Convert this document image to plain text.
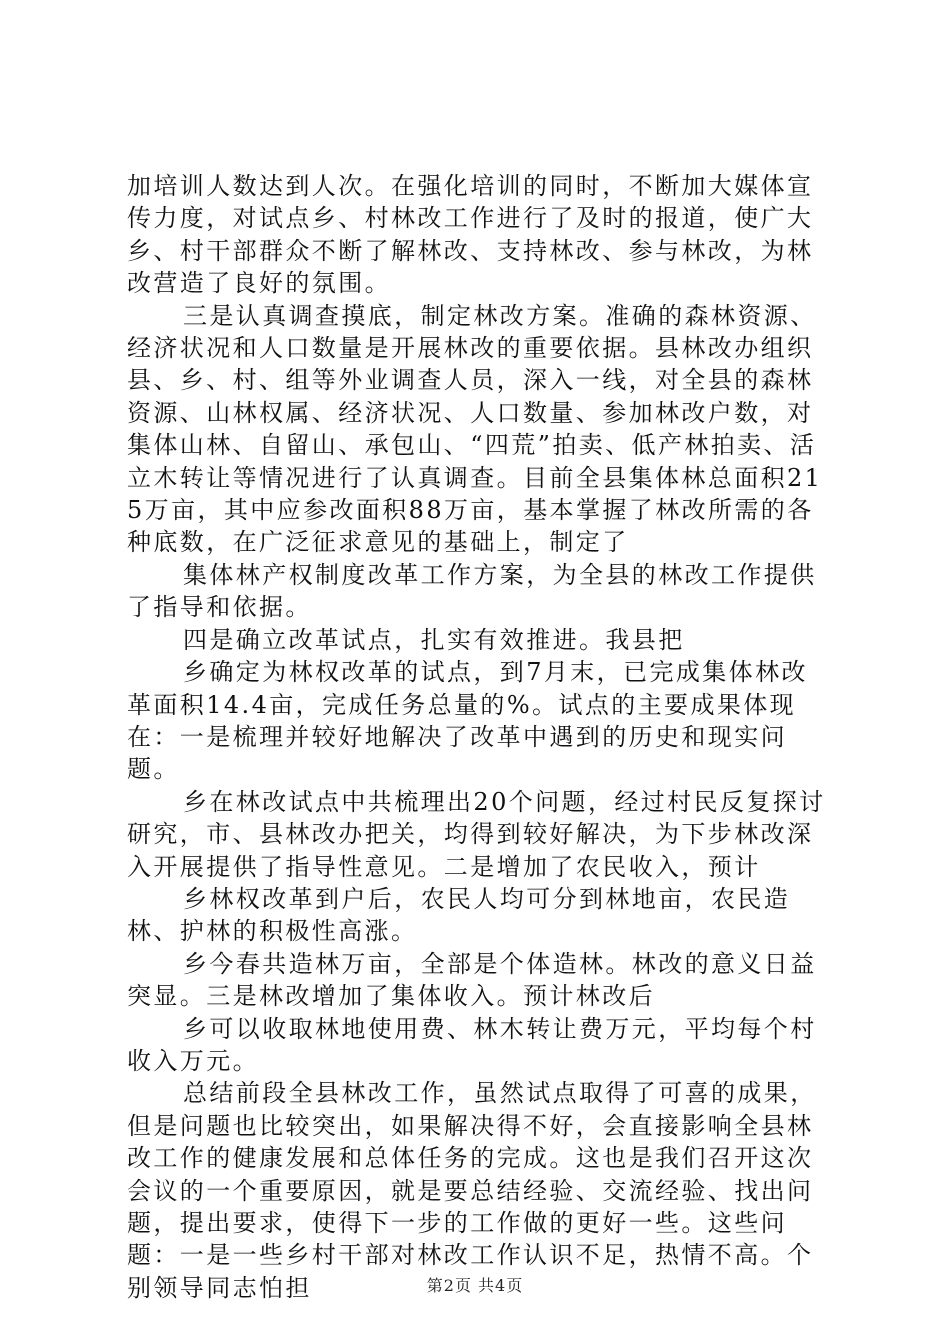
加培训人数达到人次。在强化培训的同时，不断加大媒体宣传力度，对试点乡、村林改工作进行了及时的报道，使广大乡、村干部群众不断了解林改、支持林改、参与林改，为林改营造了良好的氛围。

三是认真调查摸底，制定林改方案。准确的森林资源、经济状况和人口数量是开展林改的重要依据。县林改办组织县、乡、村、组等外业调查人员，深入一线，对全县的森林资源、山林权属、经济状况、人口数量、参加林改户数，对集体山林、自留山、承包山、“四荒”拍卖、低产林拍卖、活立木转让等情况进行了认真调查。目前全县集体林总面积215万亩，其中应参改面积88万亩，基本掌握了林改所需的各种底数，在广泛征求意见的基础上，制定了

集体林产权制度改革工作方案，为全县的林改工作提供了指导和依据。

四是确立改革试点，扎实有效推进。我县把

乡确定为林权改革的试点，到7月末，已完成集体林改革面积14.4亩，完成任务总量的%。试点的主要成果体现在：一是梳理并较好地解决了改革中遇到的历史和现实问题。

乡在林改试点中共梳理出20个问题，经过村民反复探讨研究，市、县林改办把关，均得到较好解决，为下步林改深入开展提供了指导性意见。二是增加了农民收入，预计

乡林权改革到户后，农民人均可分到林地亩，农民造林、护林的积极性高涨。

乡今春共造林万亩，全部是个体造林。林改的意义日益突显。三是林改增加了集体收入。预计林改后

乡可以收取林地使用费、林木转让费万元，平均每个村收入万元。

总结前段全县林改工作，虽然试点取得了可喜的成果，但是问题也比较突出，如果解决得不好，会直接影响全县林改工作的健康发展和总体任务的完成。这也是我们召开这次会议的一个重要原因，就是要总结经验、交流经验、找出问题，提出要求，使得下一步的工作做的更好一些。这些问题：一是一些乡村干部对林改工作认识不足，热情不高。个别领导同志怕担	第2页 共4页
